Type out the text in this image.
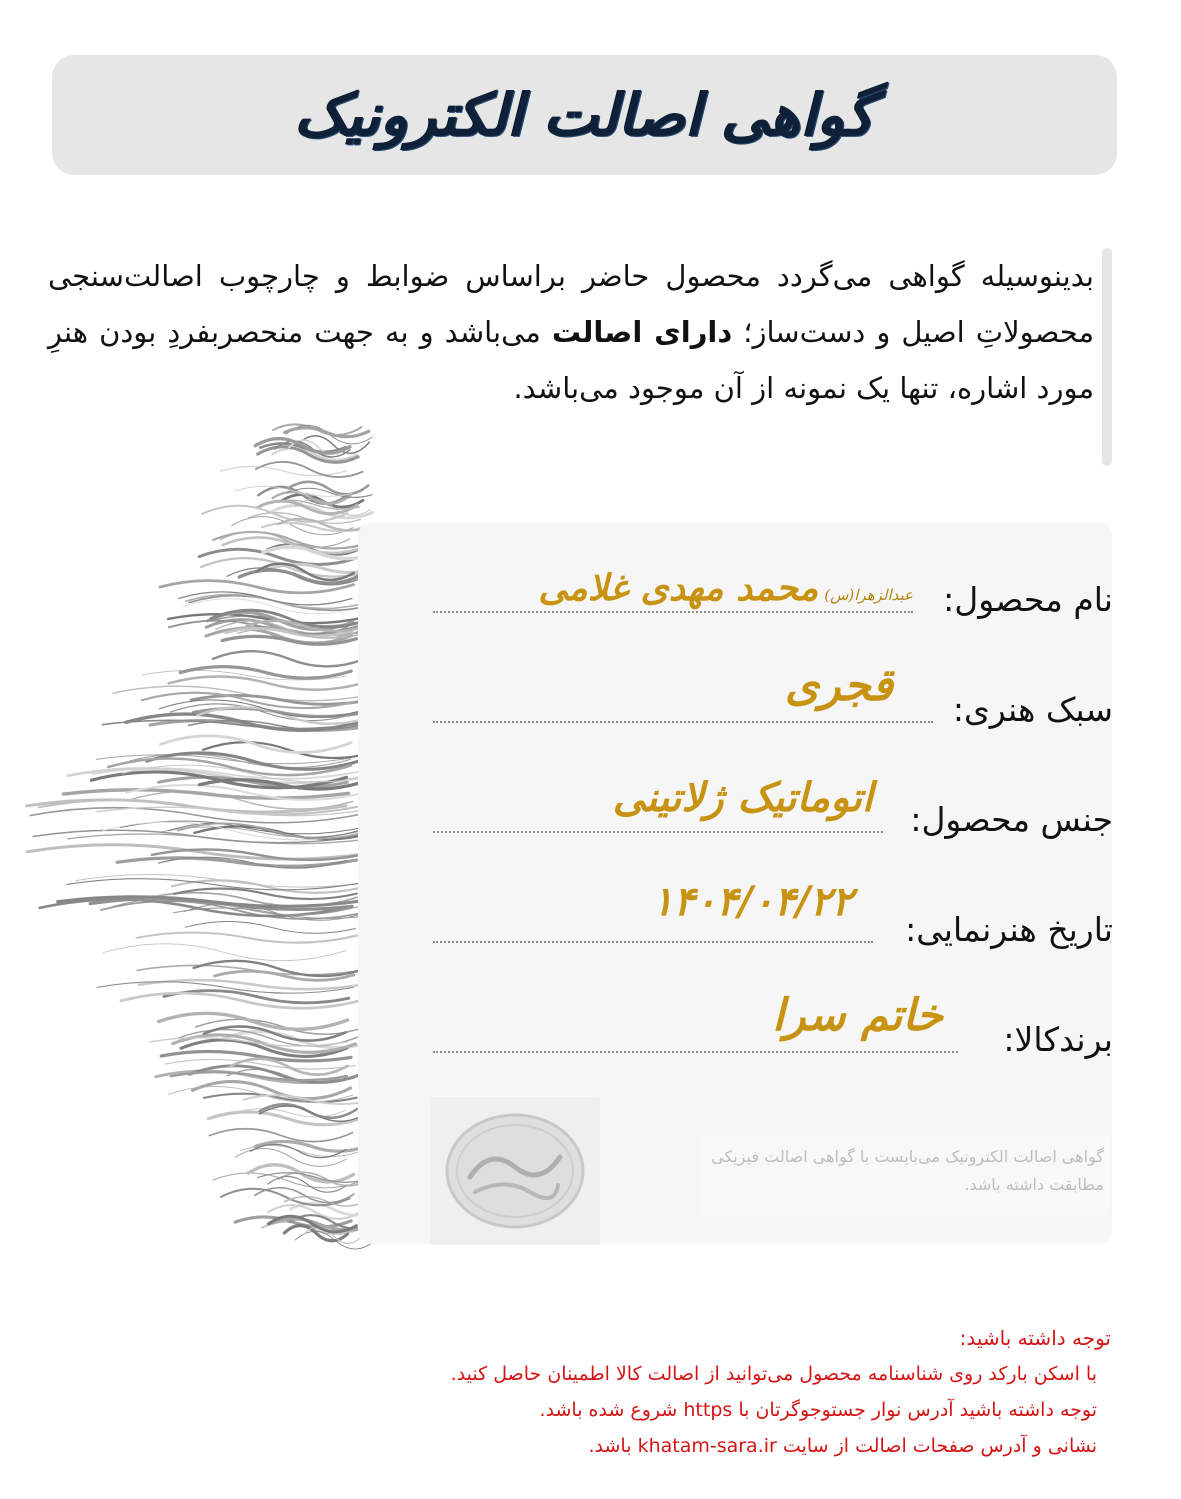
گواهی اصالت الکترونیک
بدینوسیله گواهی می‌گردد محصول حاضر براساس ضوابط و چارچوب اصالت‌سنجی محصولاتِ اصیل و دست‌ساز؛ دارای اصالت می‌باشد و به جهت منحصربفردِ بودن هنرِ مورد اشاره، تنها یک نمونه از آن موجود می‌باشد.
نام محصول:
عبدالزهرا(س)محمد مهدی غلامی
سبک هنری:
قجری
جنس محصول:
اتوماتیک ژلاتینی
تاریخ هنرنمایی:
۱۴۰۴/۰۴/۲۲
برندکالا:
خاتم سرا
گواهی اصالت الکترونیک می‌بایست با گواهی اصالت فیزیکی مطابقت داشته باشد.
توجه داشته باشید:
با اسکن بارکد روی شناسنامه محصول می‌توانید از اصالت کالا اطمینان حاصل کنید.
توجه داشته باشید آدرس نوار جستوجوگرتان با https شروع شده باشد.
نشانی و آدرس صفحات اصالت از سایت khatam-sara.ir باشد.
